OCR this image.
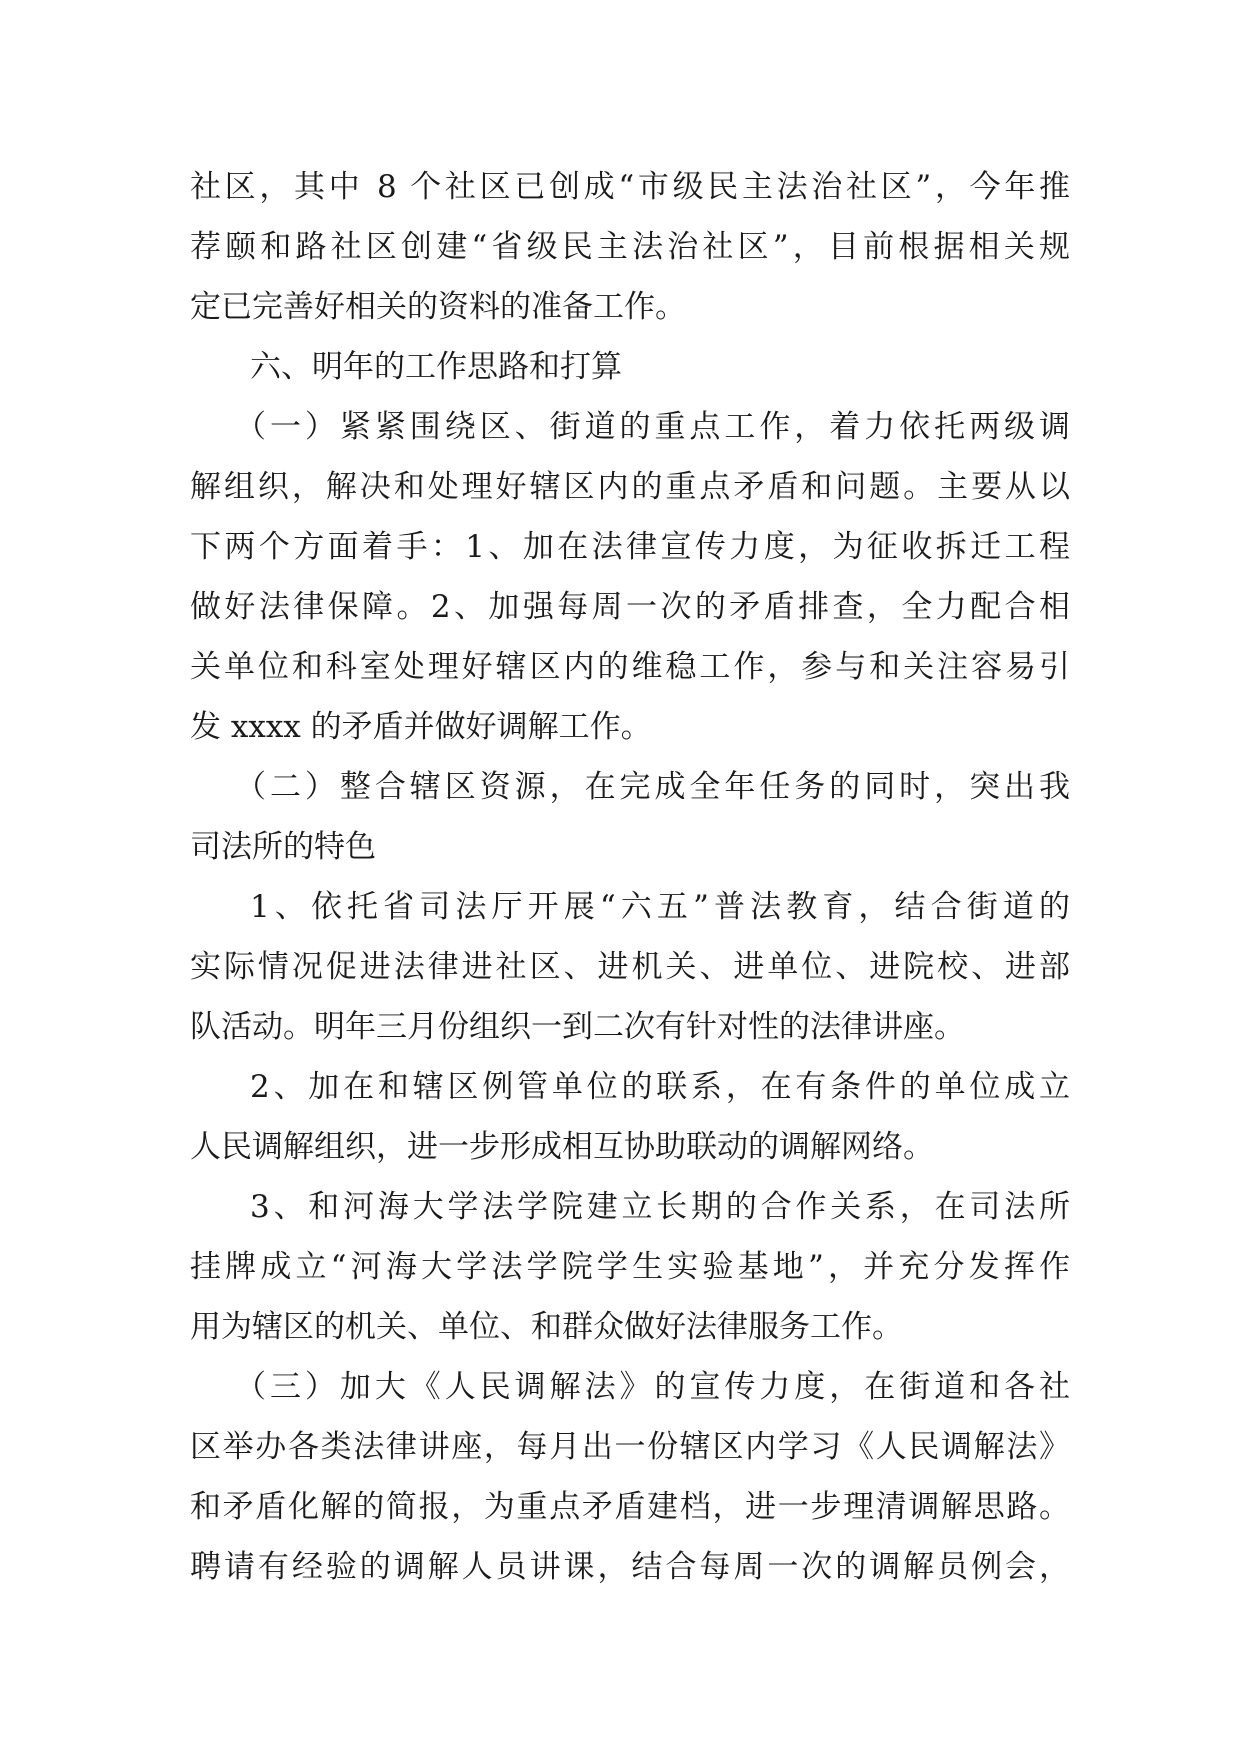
社区，其中 8 个社区已创成“市级民主法治社区”，今年推
荐颐和路社区创建“省级民主法治社区”，目前根据相关规
定已完善好相关的资料的准备工作。
六、明年的工作思路和打算
（一）紧紧围绕区、街道的重点工作，着力依托两级调
解组织，解决和处理好辖区内的重点矛盾和问题。主要从以
下两个方面着手：1、加在法律宣传力度，为征收拆迁工程
做好法律保障。2、加强每周一次的矛盾排查，全力配合相
关单位和科室处理好辖区内的维稳工作，参与和关注容易引
发 xxxx 的矛盾并做好调解工作。
（二）整合辖区资源，在完成全年任务的同时，突出我
司法所的特色
1、依托省司法厅开展“六五”普法教育，结合街道的
实际情况促进法律进社区、进机关、进单位、进院校、进部
队活动。明年三月份组织一到二次有针对性的法律讲座。
2、加在和辖区例管单位的联系，在有条件的单位成立
人民调解组织，进一步形成相互协助联动的调解网络。
3、和河海大学法学院建立长期的合作关系，在司法所
挂牌成立“河海大学法学院学生实验基地”，并充分发挥作
用为辖区的机关、单位、和群众做好法律服务工作。
（三）加大《人民调解法》的宣传力度，在街道和各社
区举办各类法律讲座，每月出一份辖区内学习《人民调解法》
和矛盾化解的简报，为重点矛盾建档，进一步理清调解思路。
聘请有经验的调解人员讲课，结合每周一次的调解员例会，
